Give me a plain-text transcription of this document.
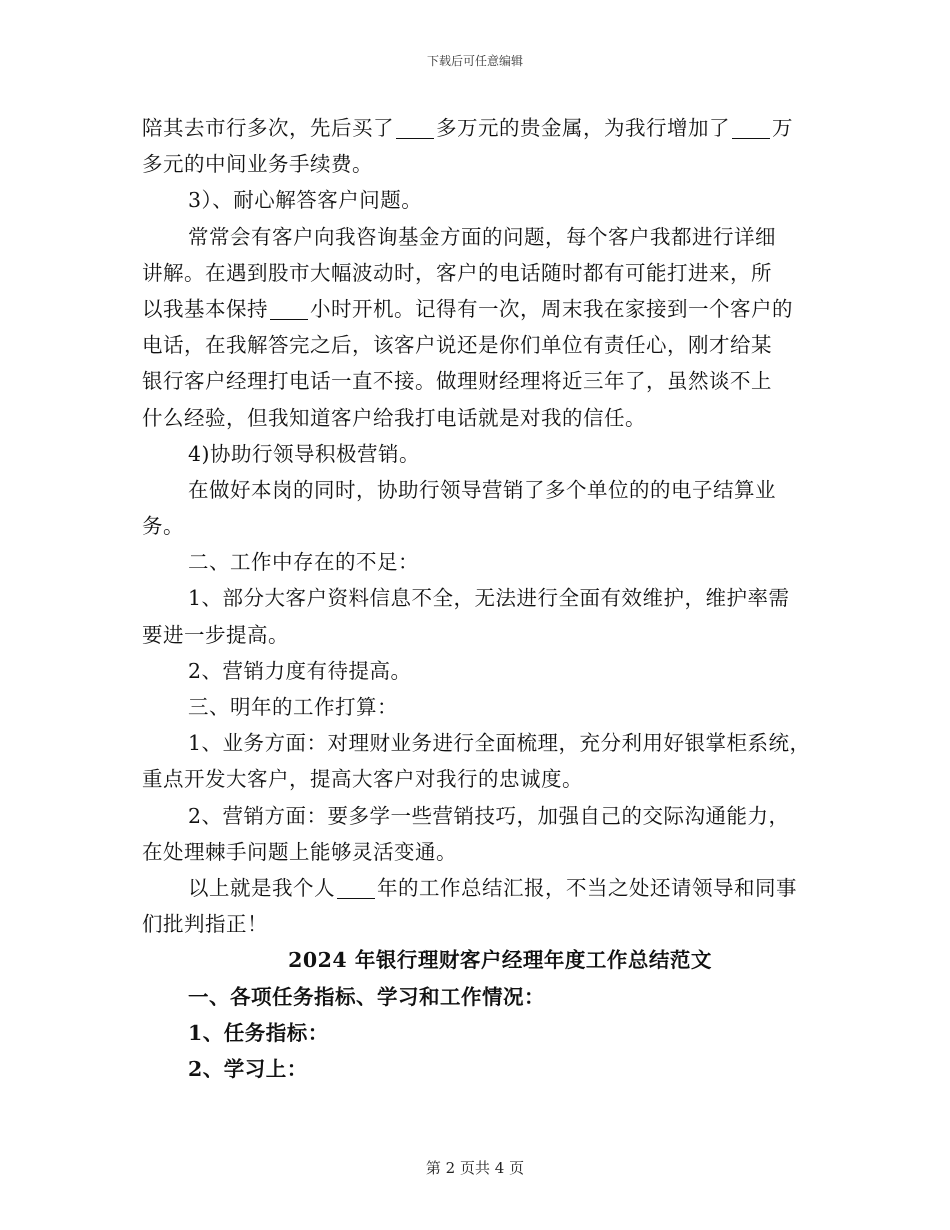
下载后可任意编辑
陪其去市行多次，先后买了 多万元的贵金属，为我行增加了 万
多元的中间业务手续费。
3）、耐心解答客户问题。
常常会有客户向我咨询基金方面的问题，每个客户我都进行详细
讲解。在遇到股市大幅波动时，客户的电话随时都有可能打进来，所
以我基本保持 小时开机。记得有一次，周末我在家接到一个客户的
电话，在我解答完之后，该客户说还是你们单位有责任心，刚才给某
银行客户经理打电话一直不接。做理财经理将近三年了，虽然谈不上
什么经验，但我知道客户给我打电话就是对我的信任。
4)协助行领导积极营销。
在做好本岗的同时，协助行领导营销了多个单位的的电子结算业
务。
二、工作中存在的不足：
1、部分大客户资料信息不全，无法进行全面有效维护，维护率需
要进一步提高。
2、营销力度有待提高。
三、明年的工作打算：
1、业务方面：对理财业务进行全面梳理，充分利用好银掌柜系统，
重点开发大客户，提高大客户对我行的忠诚度。
2、营销方面：要多学一些营销技巧，加强自己的交际沟通能力，
在处理棘手问题上能够灵活变通。
以上就是我个人 年的工作总结汇报，不当之处还请领导和同事
们批判指正！
2024 年银行理财客户经理年度工作总结范文
一、各项任务指标、学习和工作情况：
1、任务指标：
2、学习上：
第 2 页共 4 页
